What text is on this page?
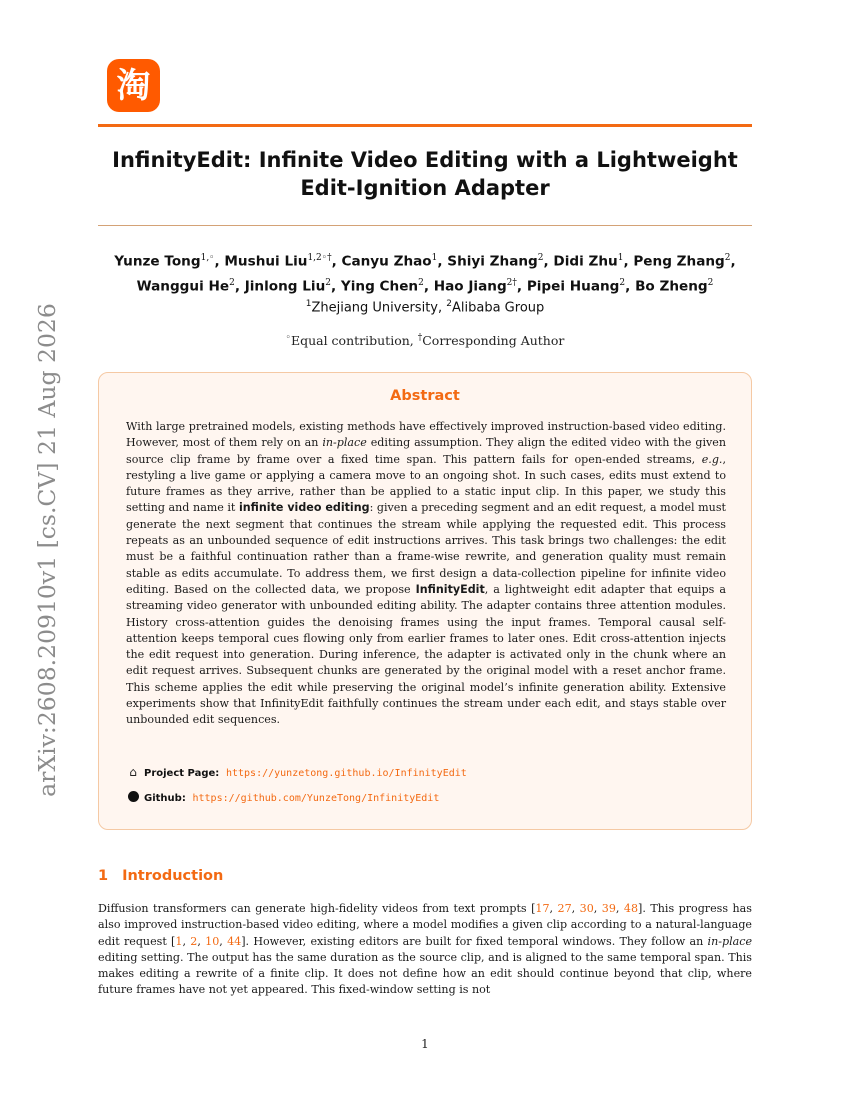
淘
arXiv:2608.20910v1 [cs.CV] 21 Aug 2026
InfinityEdit: Infinite Video Editing with a Lightweight
Edit-Ignition Adapter
Yunze Tong$^{1,◦}$, Mushui Liu$^{1,2◦\dagger}$, Canyu Zhao$^1$, Shiyi Zhang$^2$, Didi Zhu$^1$, Peng Zhang$^2$,
Wanggui He$^2$, Jinlong Liu$^2$, Ying Chen$^2$, Hao Jiang$^{2\dagger}$, Pipei Huang$^2$, Bo Zheng$^2$
$^1$Zhejiang University, $^2$Alibaba Group
◦Equal contribution, †Corresponding Author
Abstract
With large pretrained models, existing methods have effectively improved instruction-based video editing. However, most of them rely on an in-place editing assumption. They align the edited video with the given source clip frame by frame over a fixed time span. This pattern fails for open-ended streams, e.g., restyling a live game or applying a camera move to an ongoing shot. In such cases, edits must extend to future frames as they arrive, rather than be applied to a static input clip. In this paper, we study this setting and name it infinite video editing: given a preceding segment and an edit request, a model must generate the next segment that continues the stream while applying the requested edit. This process repeats as an unbounded sequence of edit instructions arrives. This task brings two challenges: the edit must be a faithful continuation rather than a frame-wise rewrite, and generation quality must remain stable as edits accumulate. To address them, we first design a data-collection pipeline for infinite video editing. Based on the collected data, we propose InfinityEdit, a lightweight edit adapter that equips a streaming video generator with unbounded editing ability. The adapter contains three attention modules. History cross-attention guides the denoising frames using the input frames. Temporal causal self-attention keeps temporal cues flowing only from earlier frames to later ones. Edit cross-attention injects the edit request into generation. During inference, the adapter is activated only in the chunk where an edit request arrives. Subsequent chunks are generated by the original model with a reset anchor frame. This scheme applies the edit while preserving the original model’s infinite generation ability. Extensive experiments show that InfinityEdit faithfully continues the stream under each edit, and stays stable over unbounded edit sequences.
⌂ Project Page: https://yunzetong.github.io/InfinityEdit
Github: https://github.com/YunzeTong/InfinityEdit
1 Introduction
Diffusion transformers can generate high-fidelity videos from text prompts [17, 27, 30, 39, 48]. This progress has also improved instruction-based video editing, where a model modifies a given clip according to a natural-language edit request [1, 2, 10, 44]. However, existing editors are built for fixed temporal windows. They follow an in-place editing setting. The output has the same duration as the source clip, and is aligned to the same temporal span. This makes editing a rewrite of a finite clip. It does not define how an edit should continue beyond that clip, where future frames have not yet appeared. This fixed-window setting is not
1
